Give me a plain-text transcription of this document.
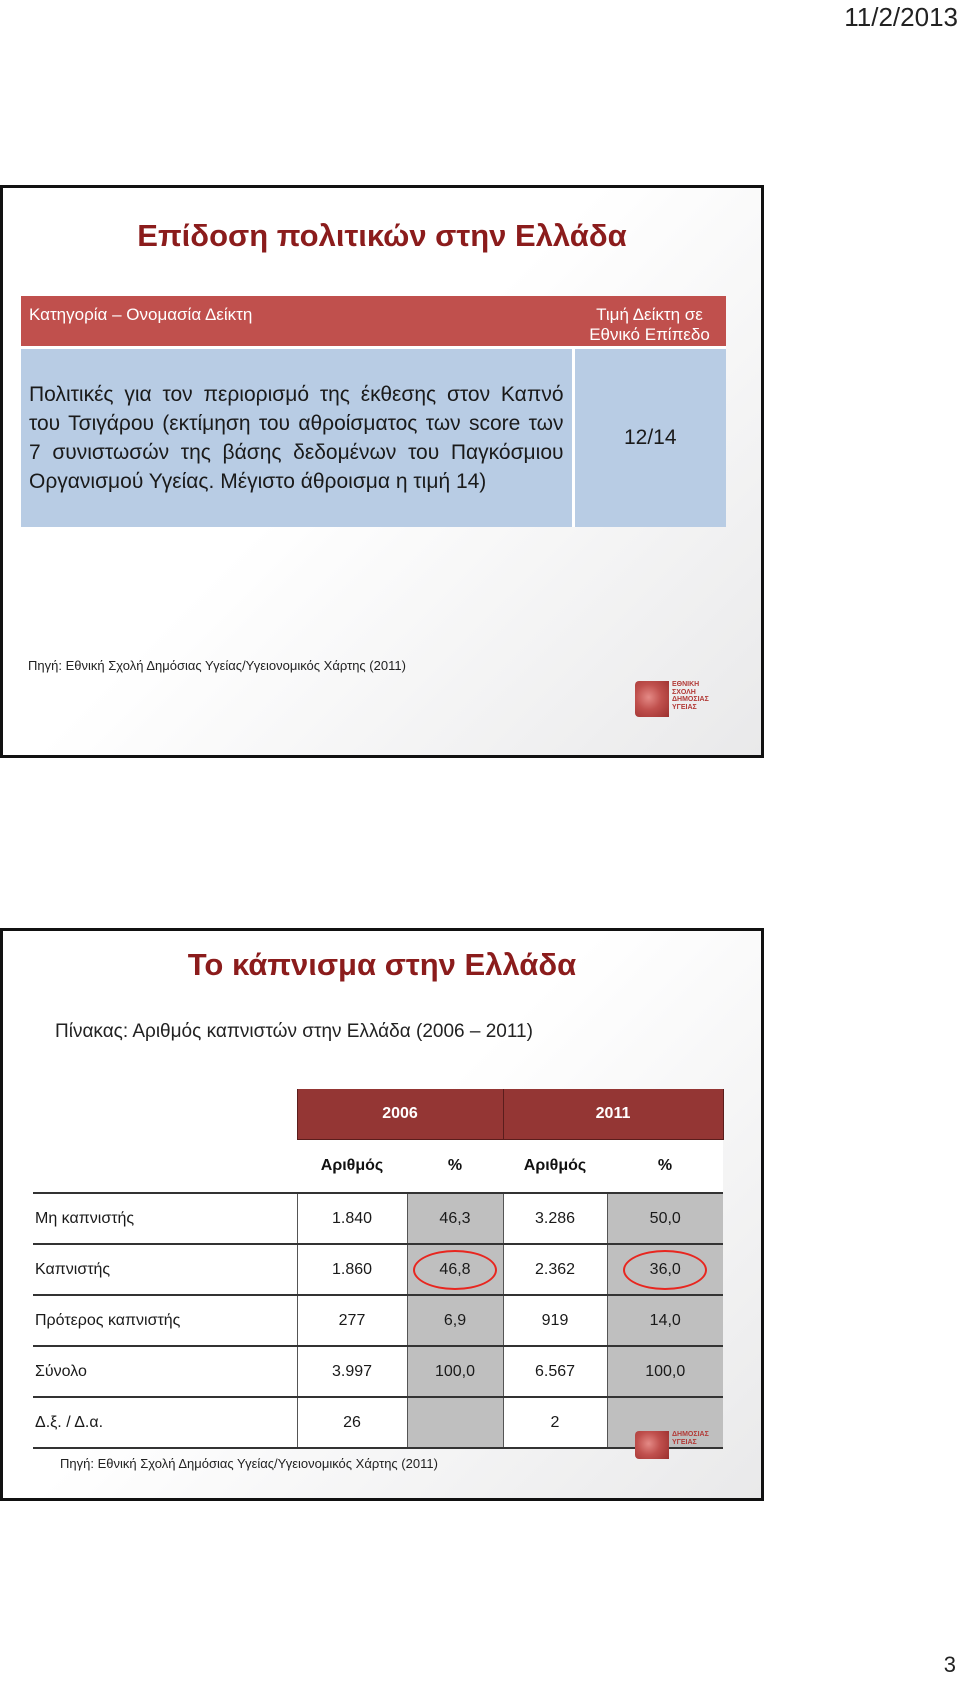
11/2/2013
Επίδοση πολιτικών στην Ελλάδα
Κατηγορία – Ονομασία Δείκτη	Τιμή Δείκτη σε Εθνικό Επίπεδο
Πολιτικές για τον περιορισμό της έκθεσης στον Καπνό του Τσιγάρου (εκτίμηση του αθροίσματος των score των 7 συνιστωσών της βάσης δεδομένων του Παγκόσμιου Οργανισμού Υγείας. Μέγιστο άθροισμα η τιμή 14)	12/14
Πηγή: Εθνική Σχολή Δημόσιας Υγείας/Υγειονομικός Χάρτης (2011)
ΕΘΝΙΚΗ ΣΧΟΛΗ ΔΗΜΟΣΙΑΣ ΥΓΕΙΑΣ
Το κάπνισμα στην Ελλάδα
Πίνακας: Αριθμός καπνιστών στην Ελλάδα (2006 – 2011)
	2006		2011	
	Αριθμός	%	Αριθμός	%
Μη καπνιστής	1.840	46,3	3.286	50,0
Καπνιστής	1.860	46,8	2.362	36,0
Πρότερος καπνιστής	277	6,9	919	14,0
Σύνολο	3.997	100,0	6.567	100,0
Δ.ξ. / Δ.α.	26		2	
ΔΗΜΟΣΙΑΣ ΥΓΕΙΑΣ
Πηγή: Εθνική Σχολή Δημόσιας Υγείας/Υγειονομικός Χάρτης (2011)
3
